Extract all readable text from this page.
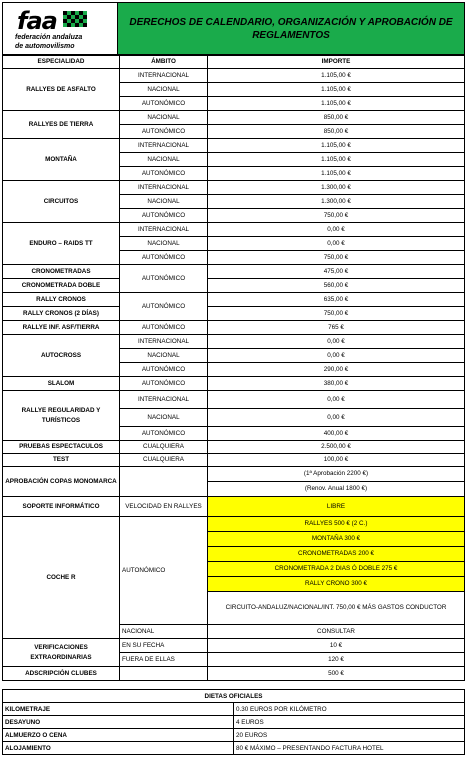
faa
federación andaluza
de automovilismo
DERECHOS DE CALENDARIO, ORGANIZACIÓN Y APROBACIÓN DE REGLAMENTOS
ESPECIALIDAD	ÁMBITO	IMPORTE
RALLYES DE ASFALTO	INTERNACIONAL	1.105,00 €
	NACIONAL	1.105,00 €
	AUTONÓMICO	1.105,00 €
RALLYES DE TIERRA	NACIONAL	850,00 €
	AUTONÓMICO	850,00 €
MONTAÑA	INTERNACIONAL	1.105,00 €
	NACIONAL	1.105,00 €
	AUTONÓMICO	1.105,00 €
CIRCUITOS	INTERNACIONAL	1.300,00 €
	NACIONAL	1.300,00 €
	AUTONÓMICO	750,00 €
ENDURO – RAIDS TT	INTERNACIONAL	0,00 €
	NACIONAL	0,00 €
	AUTONÓMICO	750,00 €
CRONOMETRADAS	AUTONÓMICO	475,00 €
CRONOMETRADA DOBLE		560,00 €
RALLY CRONOS	AUTONÓMICO	635,00 €
RALLY CRONOS (2 DÍAS)		750,00 €
RALLYE INF. ASF/TIERRA	AUTONÓMICO	765 €
AUTOCROSS	INTERNACIONAL	0,00 €
	NACIONAL	0,00 €
	AUTONÓMICO	290,00 €
SLALOM	AUTONÓMICO	380,00 €
RALLYE REGULARIDAD Y TURÍSTICOS	INTERNACIONAL	0,00 €
	NACIONAL	0,00 €
	AUTONÓMICO	400,00 €
PRUEBAS ESPECTACULOS	CUALQUIERA	2.500,00 €
TEST	CUALQUIERA	100,00 €
APROBACIÓN COPAS MONOMARCA		(1ª Aprobación 2200 €)
		(Renov. Anual 1800 €)
SOPORTE INFORMÁTICO	VELOCIDAD EN RALLYES	LIBRE
COCHE R	AUTONÓMICO	RALLYES 500 € (2 C.)
		MONTAÑA 300 €
		CRONOMETRADAS 200 €
		CRONOMETRADA 2 DIAS Ó DOBLE 275 €
		RALLY CRONO 300 €
		CIRCUITO-ANDALUZ/NACIONAL/INT. 750,00 € MÁS GASTOS CONDUCTOR
	NACIONAL	CONSULTAR
VERIFICACIONES EXTRAORDINARIAS	EN SU FECHA	10 €
	FUERA DE ELLAS	120 €
ADSCRIPCIÓN CLUBES		500 €
DIETAS OFICIALES	
KILOMETRAJE	0.30 EUROS POR KILÓMETRO
DESAYUNO	4 EUROS
ALMUERZO O CENA	20 EUROS
ALOJAMIENTO	80 € MÁXIMO – PRESENTANDO FACTURA HOTEL
